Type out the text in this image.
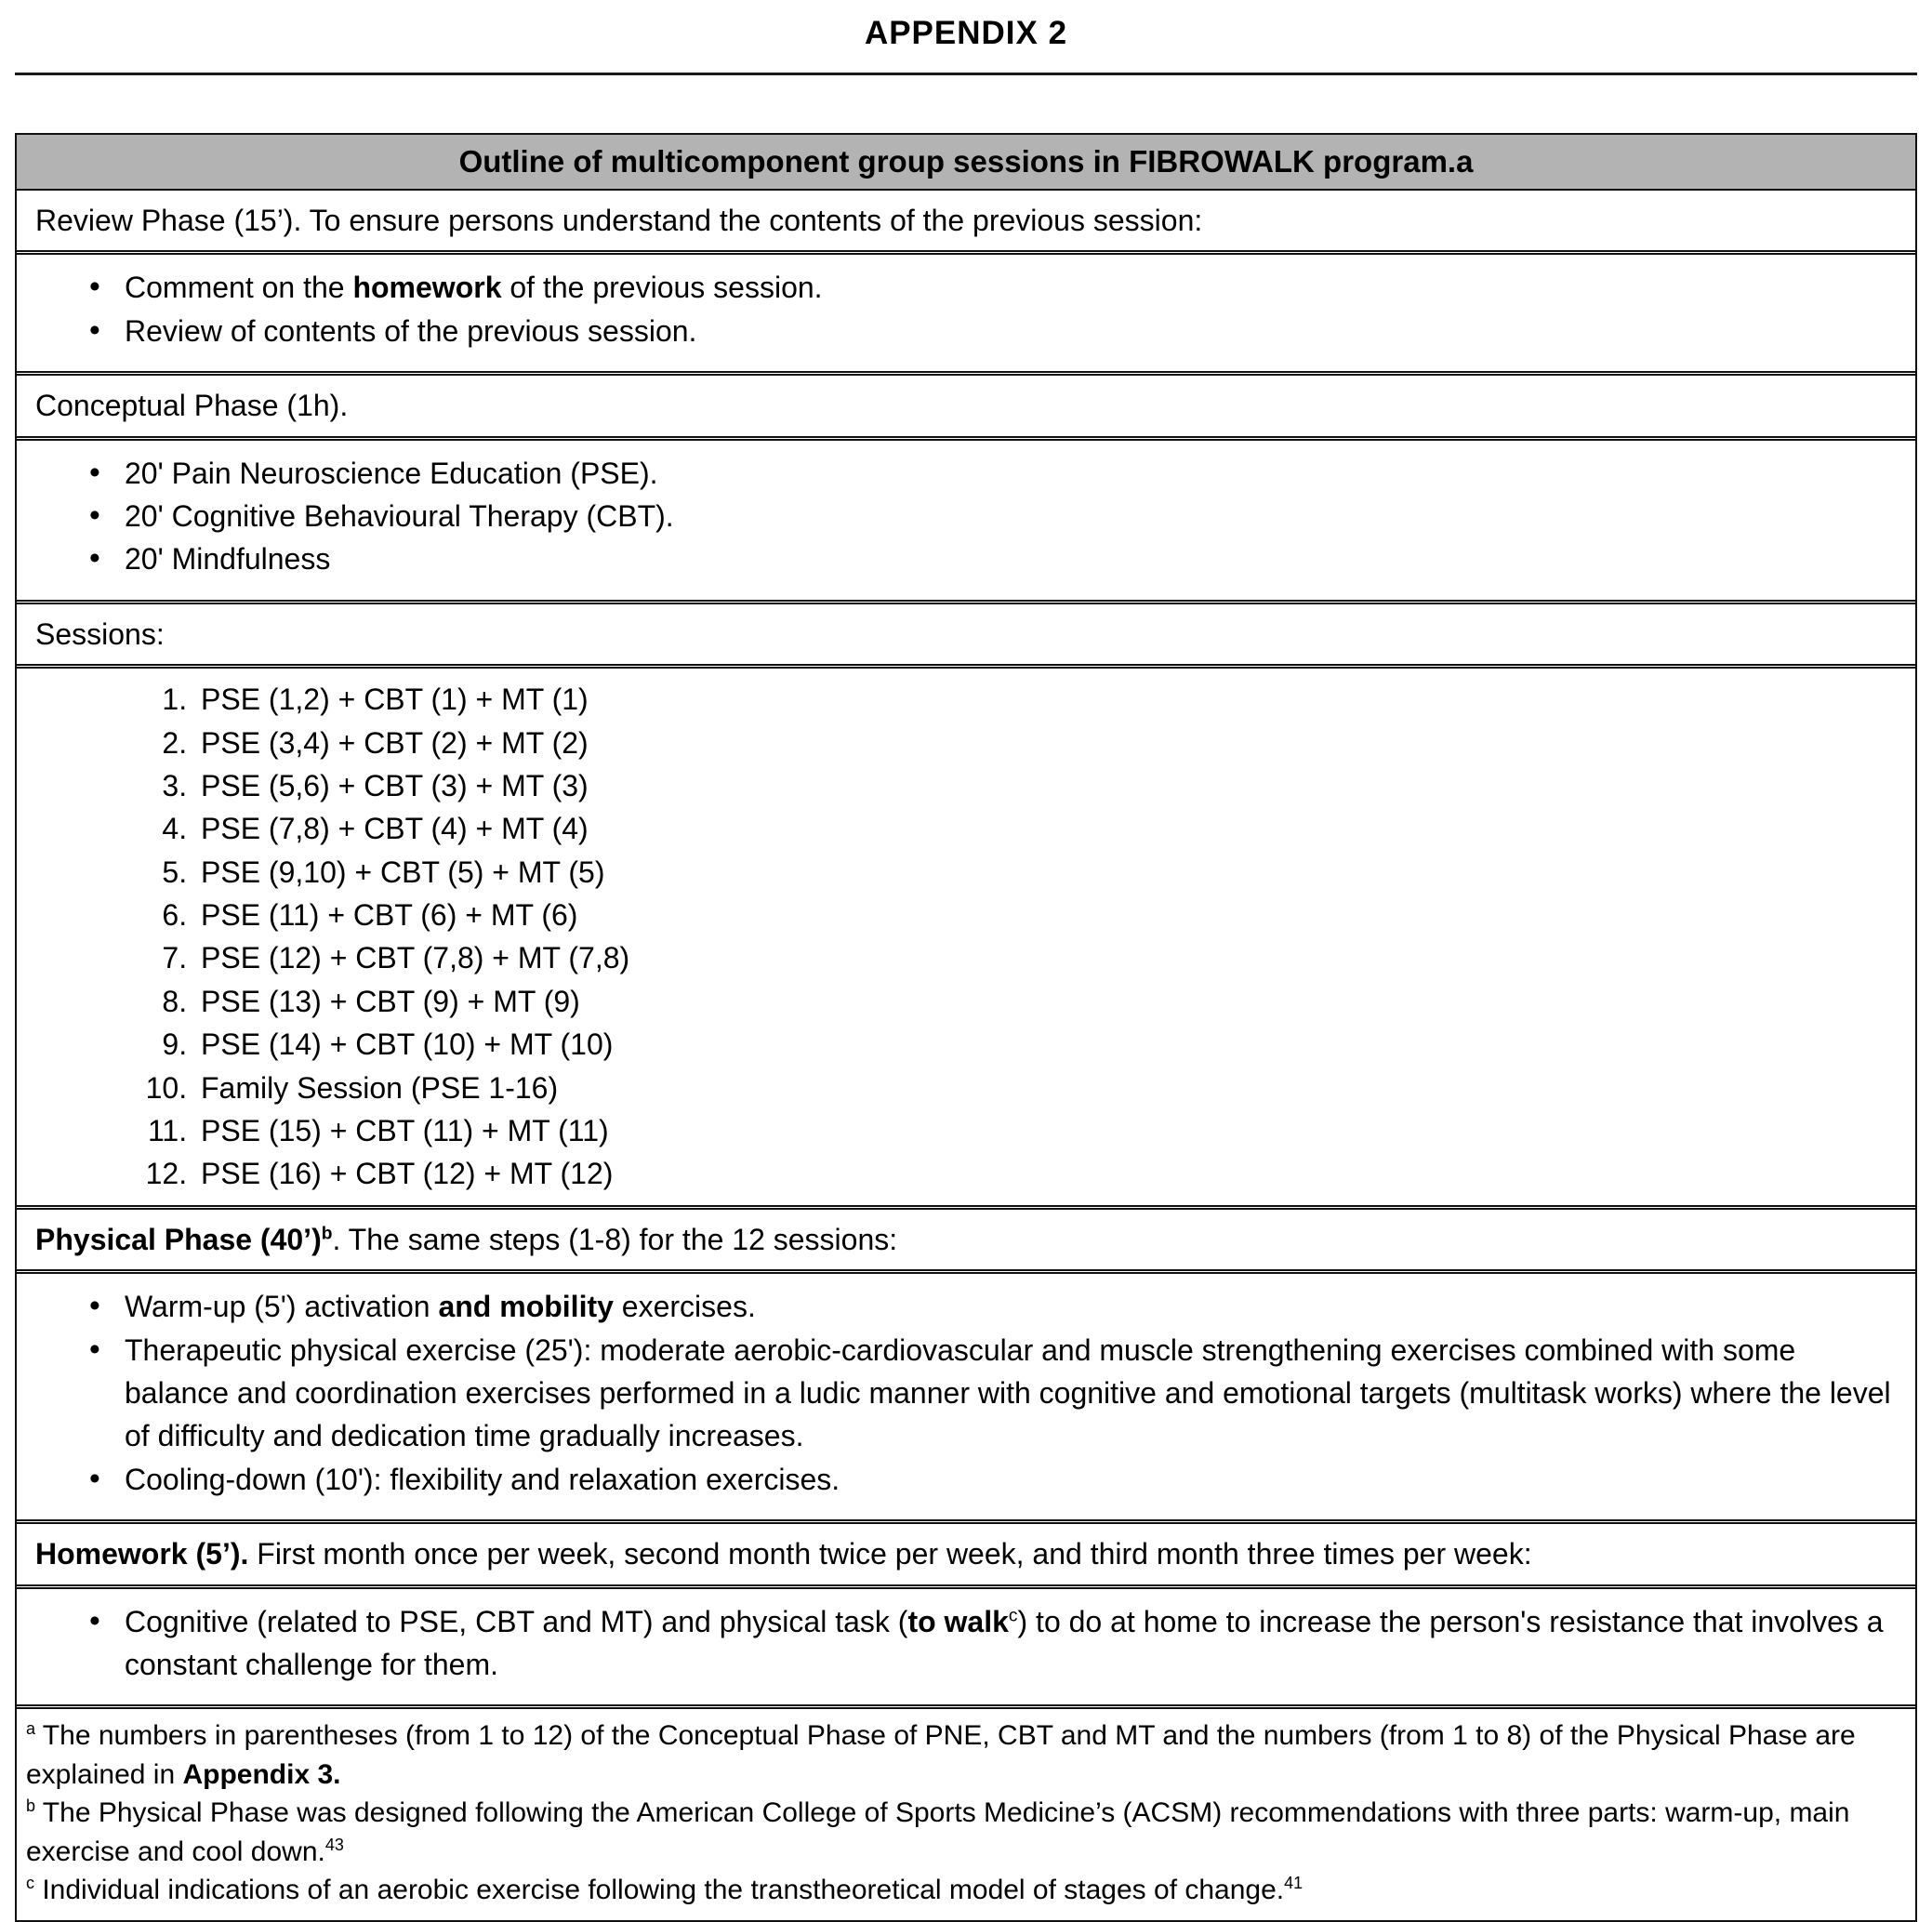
APPENDIX 2
Outline of multicomponent group sessions in FIBROWALK program.a
Review Phase (15’). To ensure persons understand the contents of the previous session:
• Comment on the homework of the previous session.
• Review of contents of the previous session.
Conceptual Phase (1h).
• 20' Pain Neuroscience Education (PSE).
• 20' Cognitive Behavioural Therapy (CBT).
• 20' Mindfulness
Sessions:
1. PSE (1,2) + CBT (1) + MT (1)
2. PSE (3,4) + CBT (2) + MT (2)
3. PSE (5,6) + CBT (3) + MT (3)
4. PSE (7,8) + CBT (4) + MT (4)
5. PSE (9,10) + CBT (5) + MT (5)
6. PSE (11) + CBT (6) + MT (6)
7. PSE (12) + CBT (7,8) + MT (7,8)
8. PSE (13) + CBT (9) + MT (9)
9. PSE (14) + CBT (10) + MT (10)
10. Family Session (PSE 1-16)
11. PSE (15) + CBT (11) + MT (11)
12. PSE (16) + CBT (12) + MT (12)
Physical Phase (40’)$^b$. The same steps (1-8) for the 12 sessions:
• Warm-up (5') activation and mobility exercises.
• Therapeutic physical exercise (25'): moderate aerobic-cardiovascular and muscle strengthening exercises combined with some balance and coordination exercises performed in a ludic manner with cognitive and emotional targets (multitask works) where the level of difficulty and dedication time gradually increases.
• Cooling-down (10'): flexibility and relaxation exercises.
Homework (5’). First month once per week, second month twice per week, and third month three times per week:
• Cognitive (related to PSE, CBT and MT) and physical task (to walk$^c$) to do at home to increase the person's resistance that involves a constant challenge for them.

$^a$ The numbers in parentheses (from 1 to 12) of the Conceptual Phase of PNE, CBT and MT and the numbers (from 1 to 8) of the Physical Phase are explained in Appendix 3.

$^b$ The Physical Phase was designed following the American College of Sports Medicine’s (ACSM) recommendations with three parts: warm-up, main exercise and cool down.$^{43}$

$^c$ Individual indications of an aerobic exercise following the transtheoretical model of stages of change.$^{41}$
